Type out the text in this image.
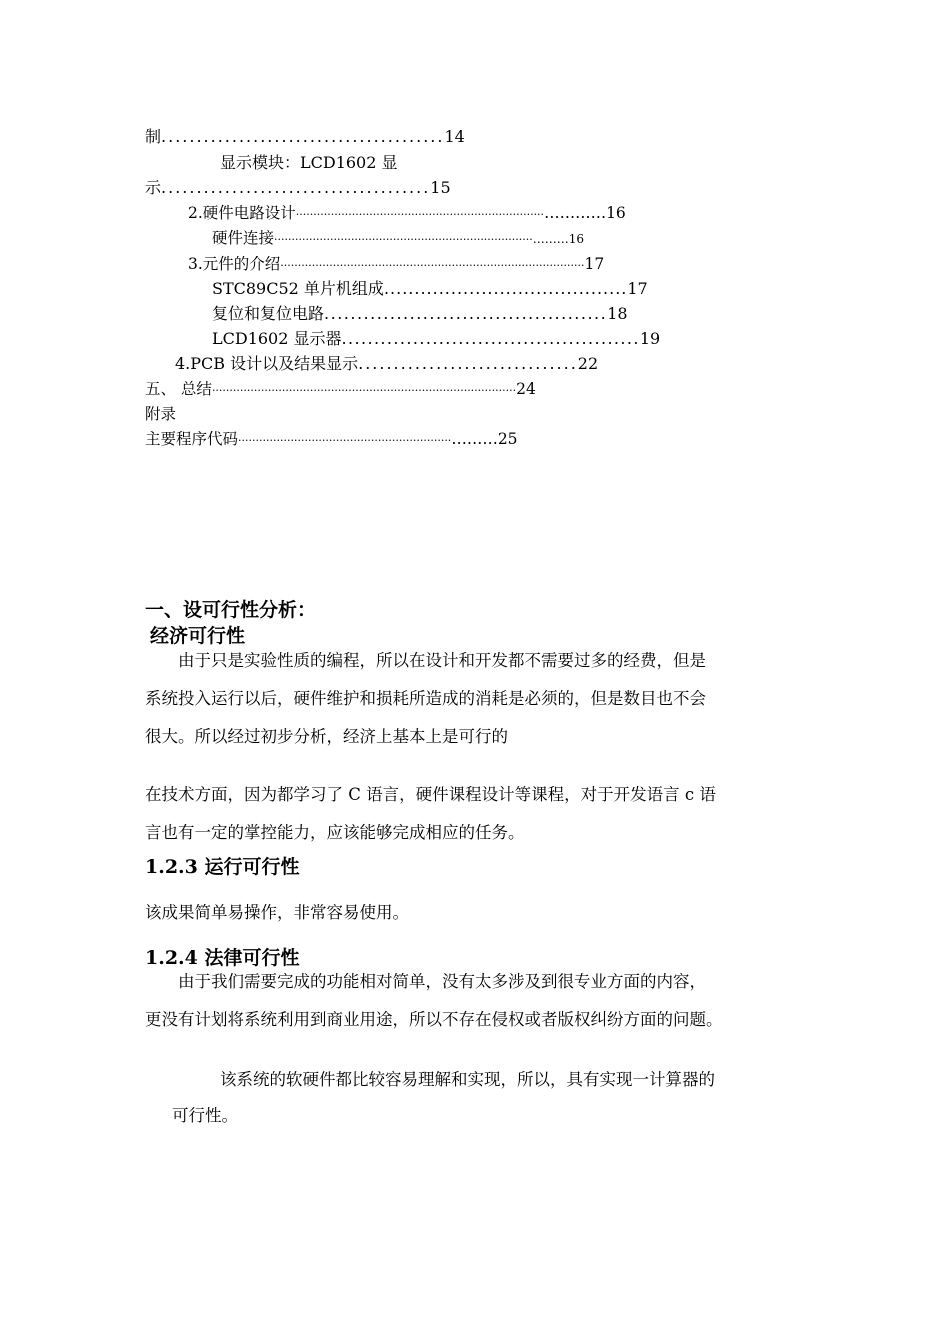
制........................................14
显示模块：LCD1602 显
示......................................15
2.硬件电路设计·······································································…………16
硬件连接··········································································………16
3.元件的介绍·······················································································17
STC89C52 单片机组成........................................17
复位和复位电路...........................................18
LCD1602 显示器..............................................19
4.PCB 设计以及结果显示...............................22
五、 总结·······················································································24
附录
主要程序代码·····························································………25
一、设可行性分析：
经济可行性
由于只是实验性质的编程，所以在设计和开发都不需要过多的经费，但是
系统投入运行以后，硬件维护和损耗所造成的消耗是必须的，但是数目也不会
很大。所以经过初步分析，经济上基本上是可行的
在技术方面，因为都学习了 C 语言，硬件课程设计等课程，对于开发语言 c 语
言也有一定的掌控能力，应该能够完成相应的任务。
1.2.3 运行可行性
该成果简单易操作，非常容易使用。
1.2.4 法律可行性
由于我们需要完成的功能相对简单，没有太多涉及到很专业方面的内容，
更没有计划将系统利用到商业用途，所以不存在侵权或者版权纠纷方面的问题。
该系统的软硬件都比较容易理解和实现，所以，具有实现一计算器的
可行性。
